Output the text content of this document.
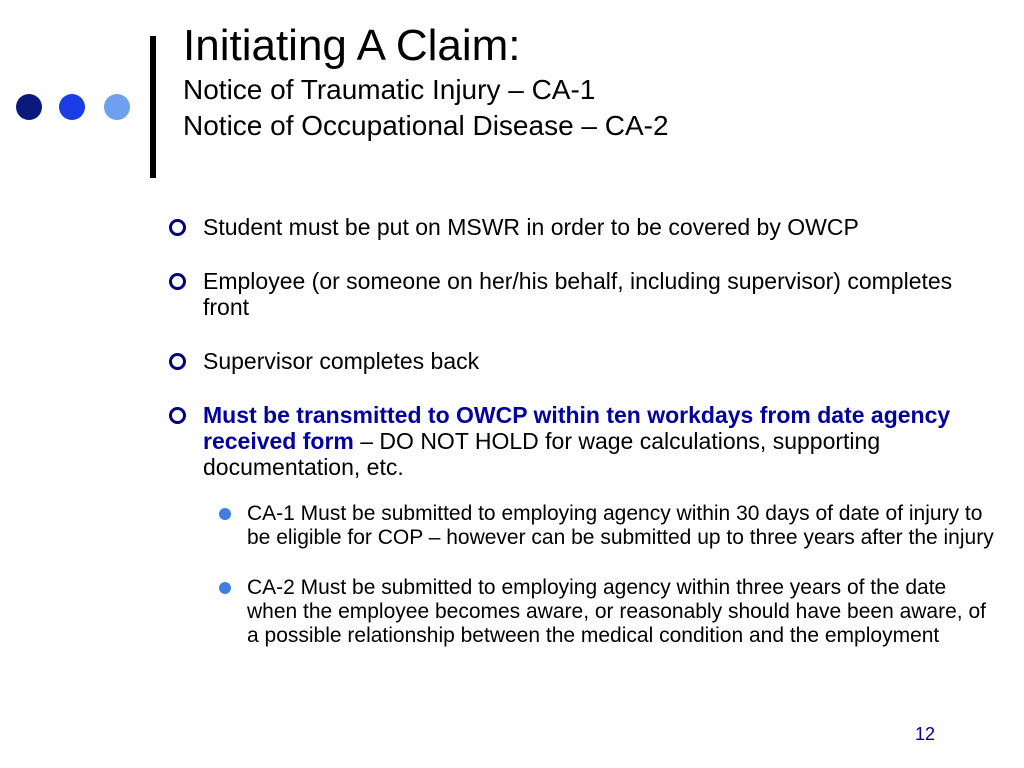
Initiating A Claim:
Notice of Traumatic Injury – CA-1
Notice of Occupational Disease – CA-2
Student must be put on MSWR in order to be covered by OWCP
Employee (or someone on her/his behalf, including supervisor) completes front
Supervisor completes back
Must be transmitted to OWCP within ten workdays from date agency received form – DO NOT HOLD for wage calculations, supporting documentation, etc.
CA-1 Must be submitted to employing agency within 30 days of date of injury to be eligible for COP – however can be submitted up to three years after the injury
CA-2 Must be submitted to employing agency within three years of the date when the employee becomes aware, or reasonably should have been aware, of a possible relationship between the medical condition and the employment
12
